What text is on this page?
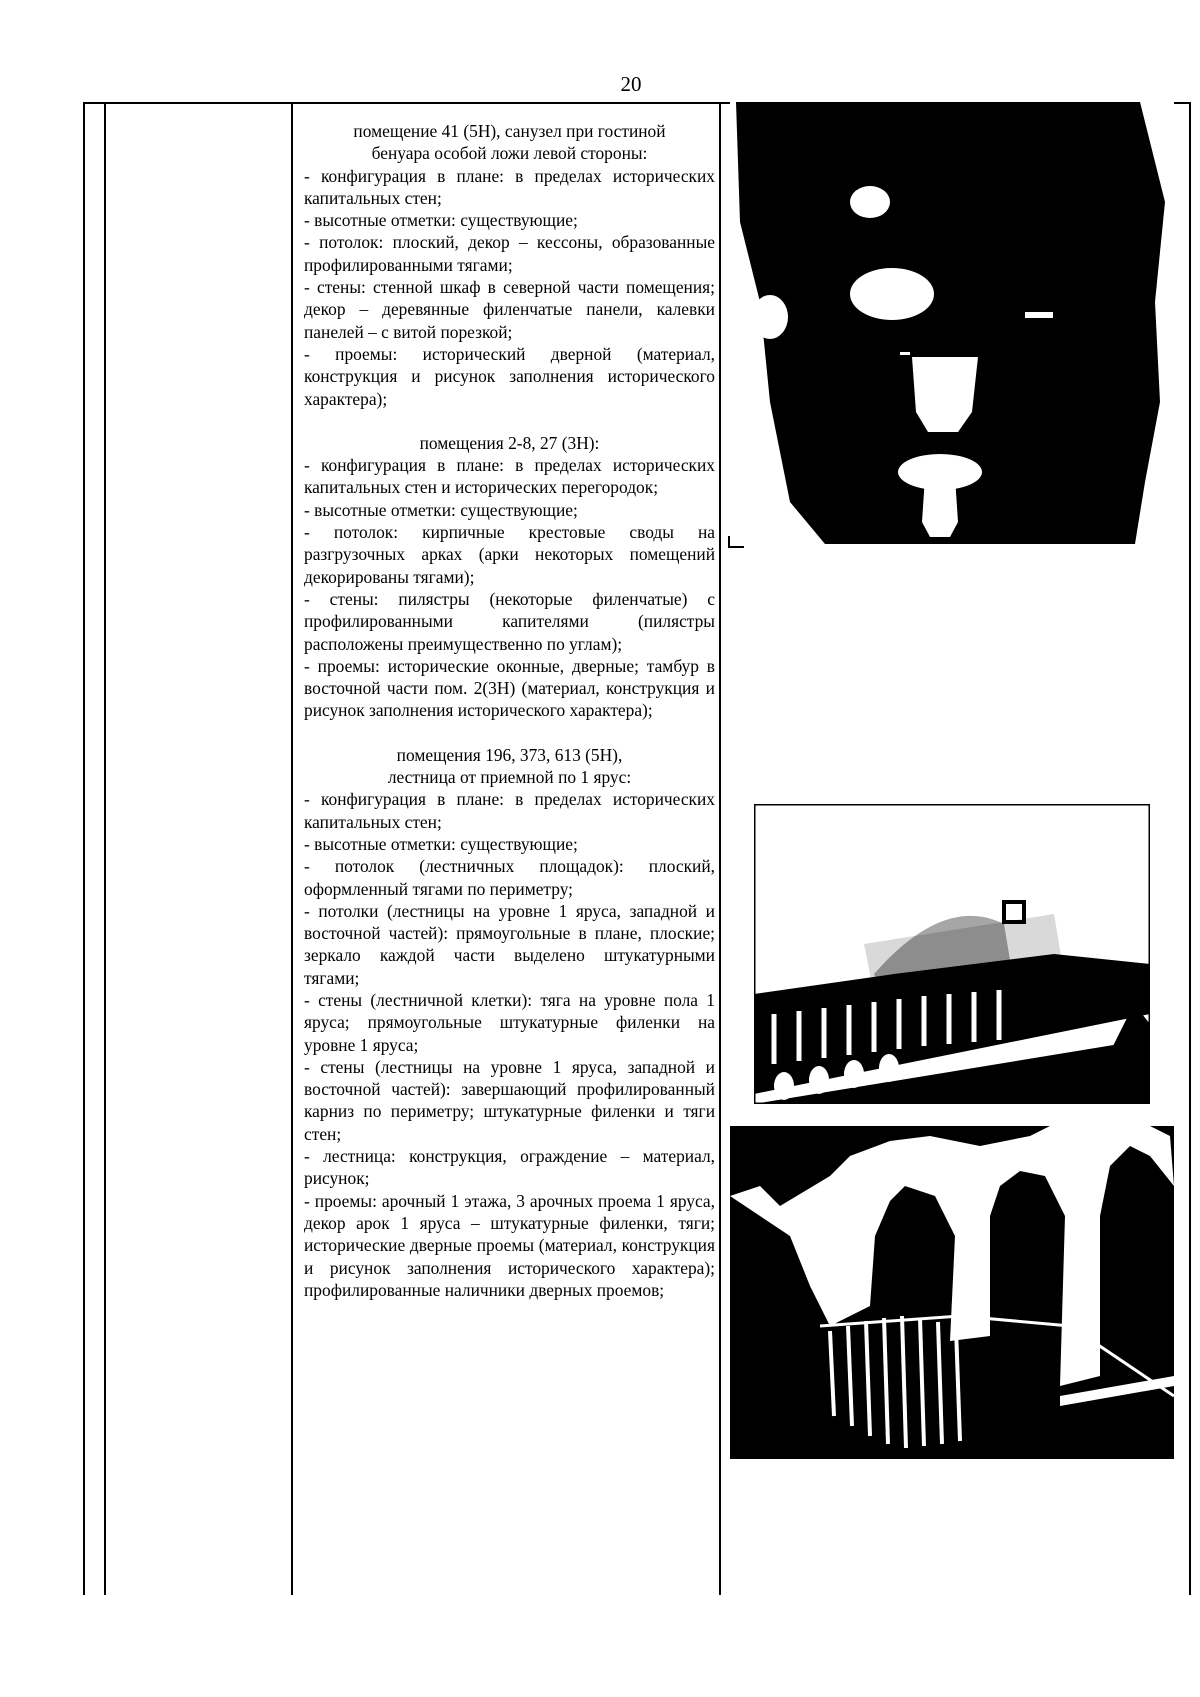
20
помещение 41 (5Н), санузел при гостиной
бенуара особой ложи левой стороны:
- конфигурация в плане: в пределах исторических капитальных стен;
- высотные отметки: существующие;
- потолок: плоский, декор – кессоны, образованные профилированными тягами;
- стены: стенной шкаф в северной части помещения; декор – деревянные филенчатые панели, калевки панелей – с витой порезкой;
- проемы: исторический дверной (материал, конструкция и рисунок заполнения исторического характера);
помещения 2-8, 27 (3Н):
- конфигурация в плане: в пределах исторических капитальных стен и исторических перегородок;
- высотные отметки: существующие;
- потолок: кирпичные крестовые своды на разгрузочных арках (арки некоторых помещений декорированы тягами);
- стены: пилястры (некоторые филенчатые) с профилированными капителями (пилястры расположены преимущественно по углам);
- проемы: исторические оконные, дверные; тамбур в восточной части пом. 2(3Н) (материал, конструкция и рисунок заполнения исторического характера);
помещения 196, 373, 613 (5Н),
лестница от приемной по 1 ярус:
- конфигурация в плане: в пределах исторических капитальных стен;
- высотные отметки: существующие;
- потолок (лестничных площадок): плоский, оформленный тягами по периметру;
- потолки (лестницы на уровне 1 яруса, западной и восточной частей): прямоугольные в плане, плоские; зеркало каждой части выделено штукатурными тягами;
- стены (лестничной клетки): тяга на уровне пола 1 яруса; прямоугольные штукатурные филенки на уровне 1 яруса;
- стены (лестницы на уровне 1 яруса, западной и восточной частей): завершающий профилированный карниз по периметру; штукатурные филенки и тяги стен;
- лестница: конструкция, ограждение – материал, рисунок;
- проемы: арочный 1 этажа, 3 арочных проема 1 яруса, декор арок 1 яруса – штукатурные филенки, тяги; исторические дверные проемы (материал, конструкция и рисунок заполнения исторического характера); профилированные наличники дверных проемов;
